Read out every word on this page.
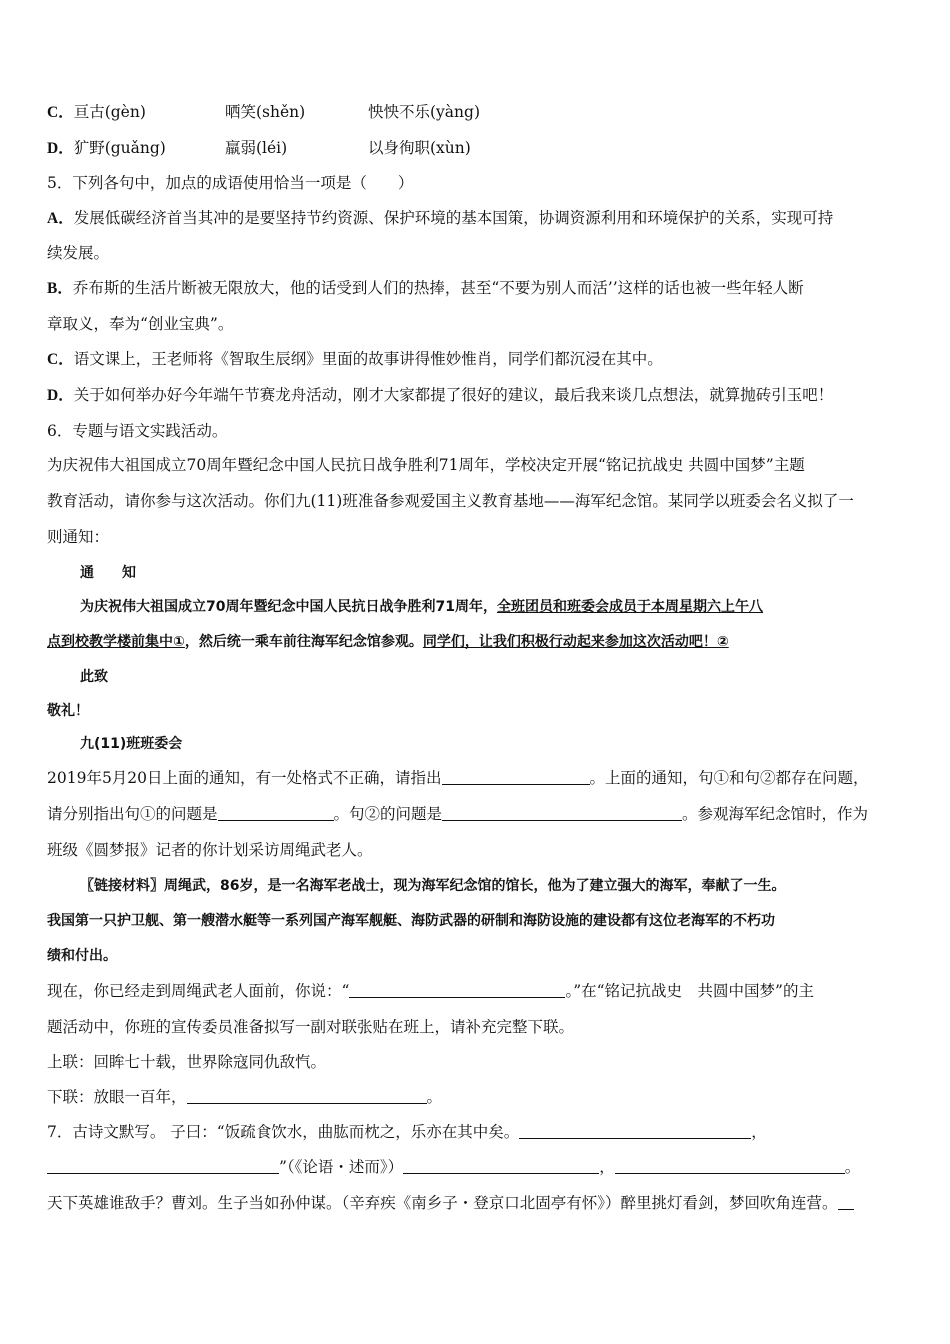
C．亘古(gèn)	哂笑(shěn)	怏怏不乐(yàng)
D．犷野(guǎng)	羸弱(léi)	以身徇职(xùn)
5．下列各句中，加点的成语使用恰当一项是（　　）
A．发展低碳经济首当其冲的是要坚持节约资源、保护环境的基本国策，协调资源利用和环境保护的关系，实现可持
续发展。
B．乔布斯的生活片断被无限放大，他的话受到人们的热捧，甚至“不要为别人而活’’这样的话也被一些年轻人断
章取义，奉为“创业宝典”。
C．语文课上，王老师将《智取生辰纲》里面的故事讲得惟妙惟肖，同学们都沉浸在其中。
D．关于如何举办好今年端午节赛龙舟活动，刚才大家都提了很好的建议，最后我来谈几点想法，就算抛砖引玉吧！
6．专题与语文实践活动。
为庆祝伟大祖国成立70周年暨纪念中国人民抗日战争胜利71周年，学校决定开展“铭记抗战史 共圆中国梦”主题
教育活动，请你参与这次活动。你们九(11)班准备参观爱国主义教育基地——海军纪念馆。某同学以班委会名义拟了一
则通知：
通　　知
为庆祝伟大祖国成立70周年暨纪念中国人民抗日战争胜利71周年，全班团员和班委会成员于本周星期六上午八
点到校教学楼前集中①，然后统一乘车前往海军纪念馆参观。同学们，让我们积极行动起来参加这次活动吧！②
此致
敬礼！
九(11)班班委会
2019年5月20日上面的通知，有一处格式不正确，请指出	。上面的通知，句①和句②都存在问题，
请分别指出句①的问题是	。句②的问题是	。参观海军纪念馆时，作为
班级《圆梦报》记者的你计划采访周绳武老人。
〖链接材料〗周绳武，86岁，是一名海军老战士，现为海军纪念馆的馆长，他为了建立强大的海军，奉献了一生。
我国第一只护卫舰、第一艘潜水艇等一系列国产海军舰艇、海防武器的研制和海防设施的建设都有这位老海军的不朽功
绩和付出。
现在，你已经走到周绳武老人面前，你说：“	。”在“铭记抗战史　共圆中国梦”的主
题活动中，你班的宣传委员准备拟写一副对联张贴在班上，请补充完整下联。
上联：回眸七十载，世界除寇同仇敌忾。
下联：放眼一百年，	。
7．古诗文默写。 子曰：“饭疏食饮水，曲肱而枕之，乐亦在其中矣。	，
”（《论语・述而》）	，	。
天下英雄谁敌手？曹刘。生子当如孙仲谋。（辛弃疾《南乡子・登京口北固亭有怀》）醉里挑灯看剑，梦回吹角连营。
